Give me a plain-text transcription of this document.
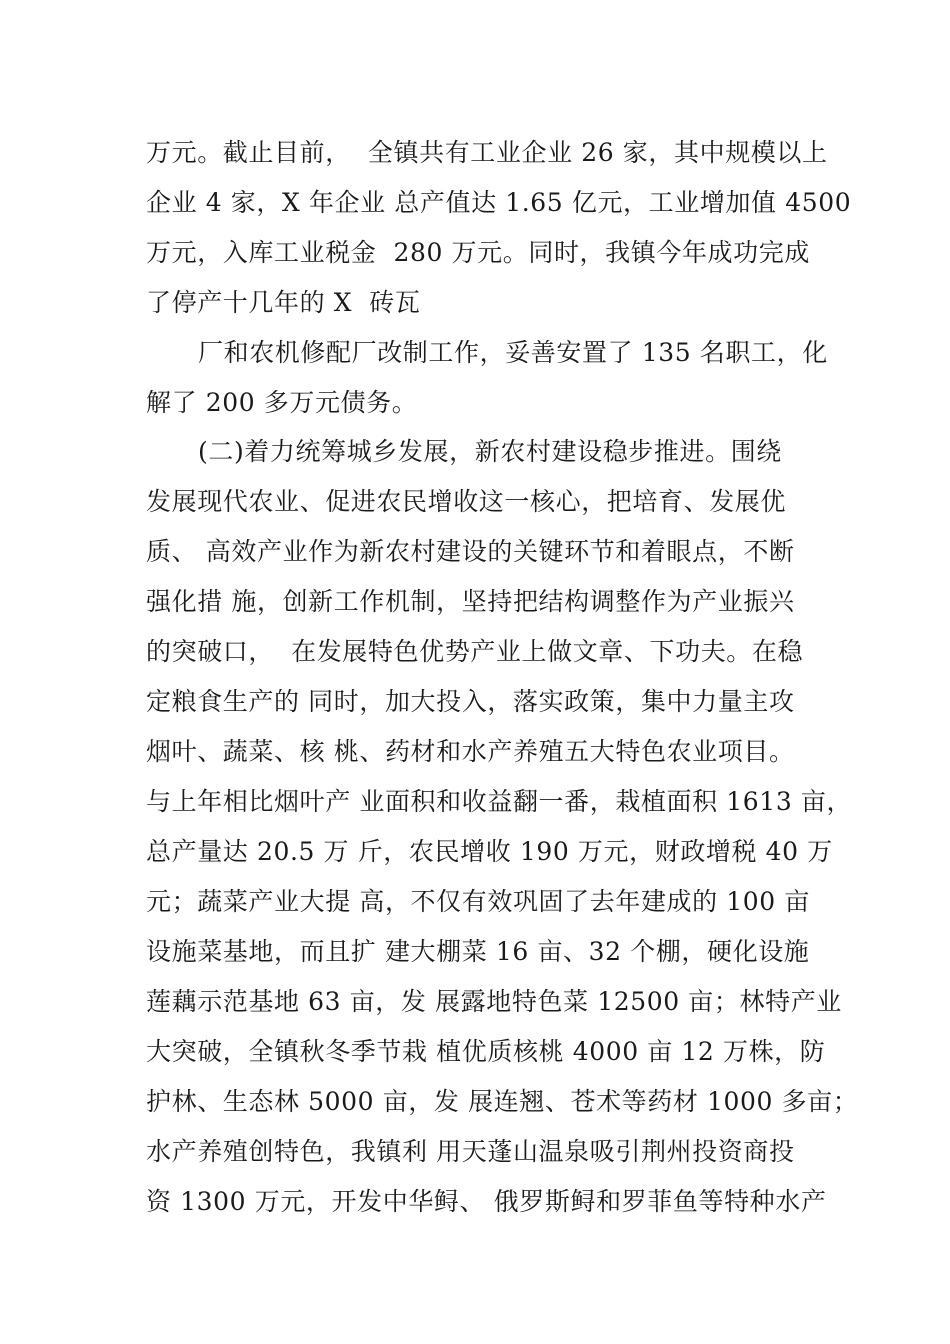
万元。截止目前，  全镇共有工业企业 26 家，其中规模以上
企业 4 家，X 年企业 总产值达 1.65 亿元，工业增加值 4500
万元，入库工业税金  280 万元。同时，我镇今年成功完成
了停产十几年的 X  砖瓦
厂和农机修配厂改制工作，妥善安置了 135 名职工，化
解了 200 多万元债务。
(二)着力统筹城乡发展，新农村建设稳步推进。围绕
发展现代农业、促进农民增收这一核心，把培育、发展优
质、 高效产业作为新农村建设的关键环节和着眼点，不断
强化措 施，创新工作机制，坚持把结构调整作为产业振兴
的突破口，  在发展特色优势产业上做文章、下功夫。在稳
定粮食生产的 同时，加大投入，落实政策，集中力量主攻
烟叶、蔬菜、核 桃、药材和水产养殖五大特色农业项目。
与上年相比烟叶产 业面积和收益翻一番，栽植面积 1613 亩，
总产量达 20.5 万 斤，农民增收 190 万元，财政增税 40 万
元；蔬菜产业大提 高，不仅有效巩固了去年建成的 100 亩
设施菜基地，而且扩 建大棚菜 16 亩、32 个棚，硬化设施
莲藕示范基地 63 亩，发 展露地特色菜 12500 亩；林特产业
大突破，全镇秋冬季节栽 植优质核桃 4000 亩 12 万株，防
护林、生态林 5000 亩，发 展连翘、苍术等药材 1000 多亩；
水产养殖创特色，我镇利 用天蓬山温泉吸引荆州投资商投
资 1300 万元，开发中华鲟、 俄罗斯鲟和罗菲鱼等特种水产
